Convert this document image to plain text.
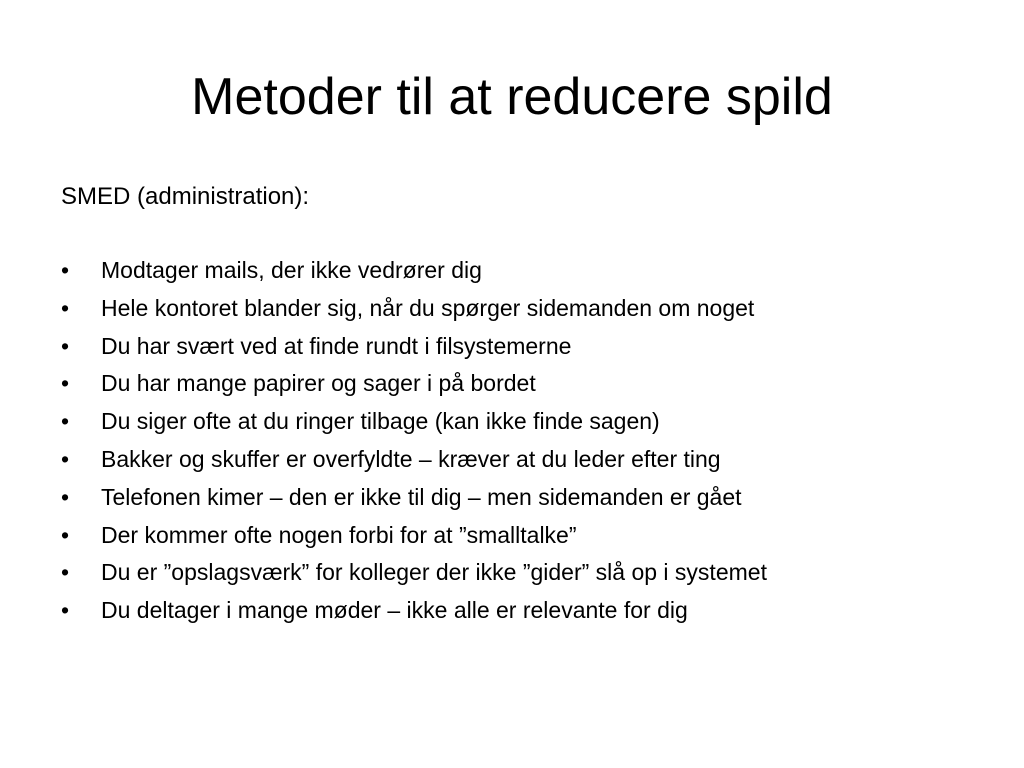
Metoder til at reducere spild

SMED (administration):

• Modtager mails, der ikke vedrører dig
• Hele kontoret blander sig, når du spørger sidemanden om noget
• Du har svært ved at finde rundt i filsystemerne
• Du har mange papirer og sager i på bordet
• Du siger ofte at du ringer tilbage (kan ikke finde sagen)
• Bakker og skuffer er overfyldte – kræver at du leder efter ting
• Telefonen kimer – den er ikke til dig – men sidemanden er gået
• Der kommer ofte nogen forbi for at ”smalltalke”
• Du er ”opslagsværk” for kolleger der ikke ”gider” slå op i systemet
• Du deltager i mange møder – ikke alle er relevante for dig
